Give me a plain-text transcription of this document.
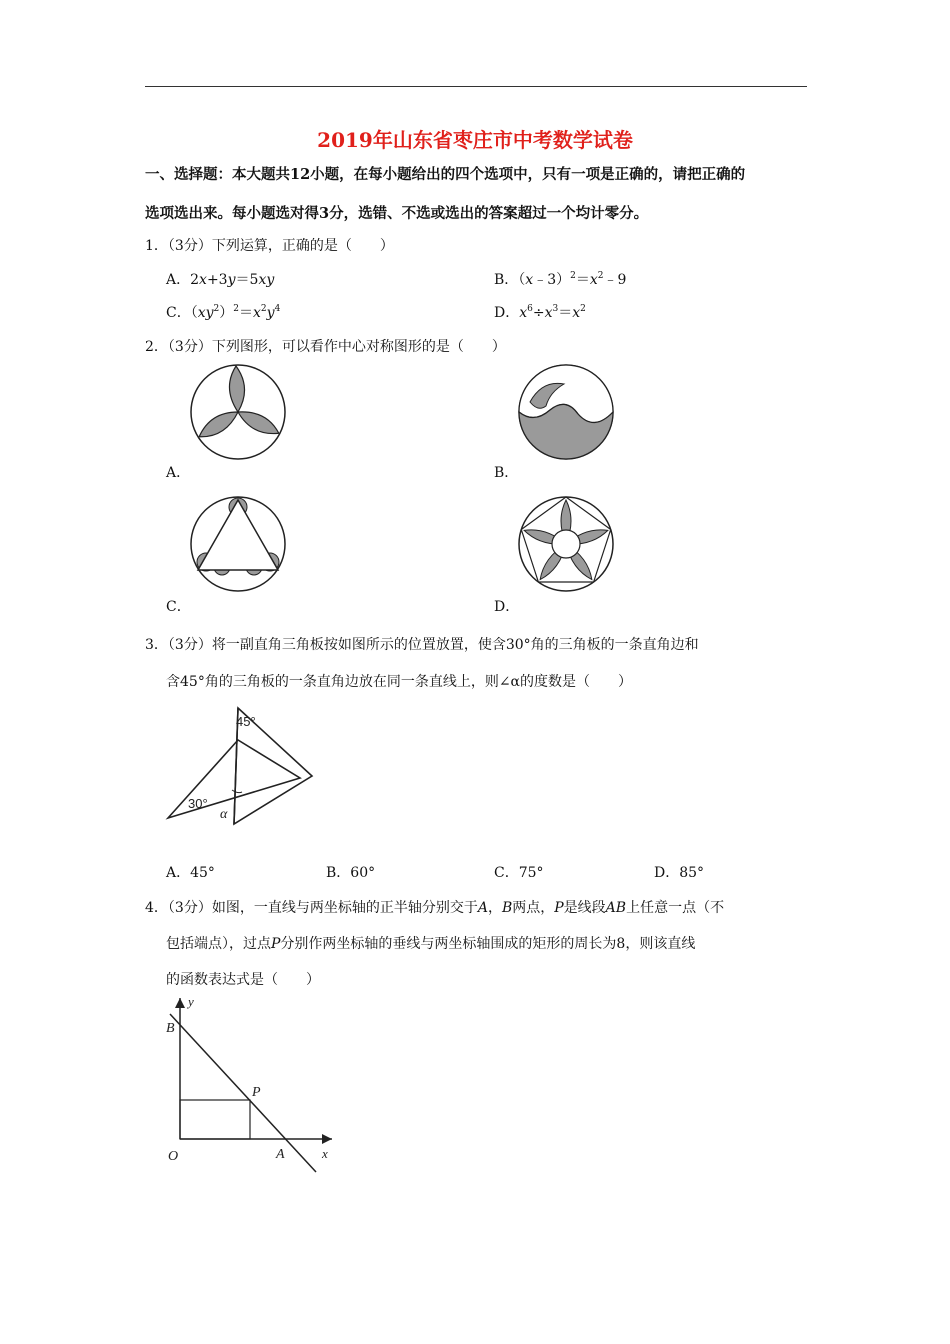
2019年山东省枣庄市中考数学试卷
一、选择题：本大题共12小题，在每小题给出的四个选项中，只有一项是正确的，请把正确的
选项选出来。每小题选对得3分，选错、不选或选出的答案超过一个均计零分。
1．（3分）下列运算，正确的是（　　）
A．2x+3y＝5xy	B．$(x﹣3)^2=x^2﹣9$
C．$(xy^2)^2=x^2y^4$	D．$x^6\div x^3=x^2$
2．（3分）下列图形，可以看作中心对称图形的是（　　）
A．	B．
C．	D．
3．（3分）将一副直角三角板按如图所示的位置放置，使含30°角的三角板的一条直角边和
含45°角的三角板的一条直角边放在同一条直线上，则∠α的度数是（　　）
45°
30°
α
A．45°	B．60°	C．75°	D．85°
4．（3分）如图，一直线与两坐标轴的正半轴分别交于A，B两点，P是线段AB上任意一点（不
包括端点），过点P分别作两坐标轴的垂线与两坐标轴围成的矩形的周长为8，则该直线
的函数表达式是（　　）
y
B
P
O	A	x
